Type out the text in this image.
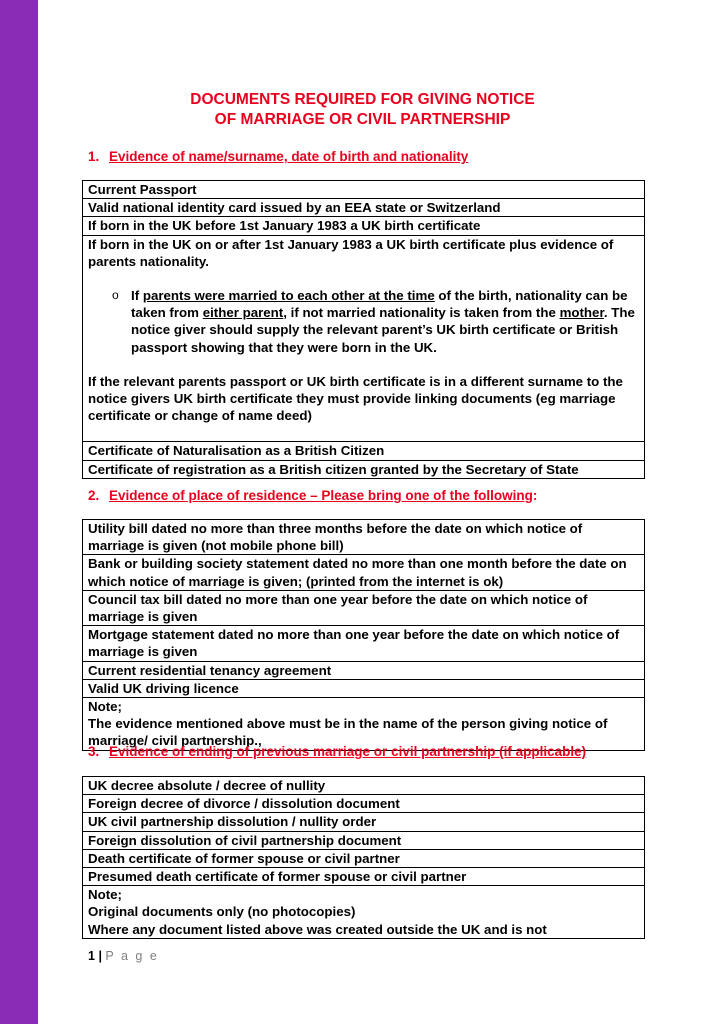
DOCUMENTS REQUIRED FOR GIVING NOTICE
OF MARRIAGE OR CIVIL PARTNERSHIP
1. Evidence of name/surname, date of birth and nationality
Current Passport
Valid national identity card issued by an EEA state or Switzerland
If born in the UK before 1st January 1983 a UK birth certificate

If born in the UK on or after 1st January 1983 a UK birth certificate plus evidence of parents nationality.
o If parents were married to each other at the time of the birth, nationality can be taken from either parent, if not married nationality is taken from the mother. The notice giver should supply the relevant parent’s UK birth certificate or British passport showing that they were born in the UK.
If the relevant parents passport or UK birth certificate is in a different surname to the notice givers UK birth certificate they must provide linking documents (eg marriage certificate or change of name deed)

Certificate of Naturalisation as a British Citizen
Certificate of registration as a British citizen granted by the Secretary of State
2. Evidence of place of residence – Please bring one of the following:
Utility bill dated no more than three months before the date on which notice of marriage is given (not mobile phone bill)
Bank or building society statement dated no more than one month before the date on which notice of marriage is given; (printed from the internet is ok)
Council tax bill dated no more than one year before the date on which notice of marriage is given
Mortgage statement dated no more than one year before the date on which notice of marriage is given
Current residential tenancy agreement
Valid UK driving licence

Note;
The evidence mentioned above must be in the name of the person giving notice of marriage/ civil partnership.,
3. Evidence of ending of previous marriage or civil partnership (if applicable)
UK decree absolute / decree of nullity
Foreign decree of divorce / dissolution document
UK civil partnership dissolution / nullity order
Foreign dissolution of civil partnership document
Death certificate of former spouse or civil partner
Presumed death certificate of former spouse or civil partner

Note;
Original documents only (no photocopies)
Where any document listed above was created outside the UK and is not
1 | P a g e
